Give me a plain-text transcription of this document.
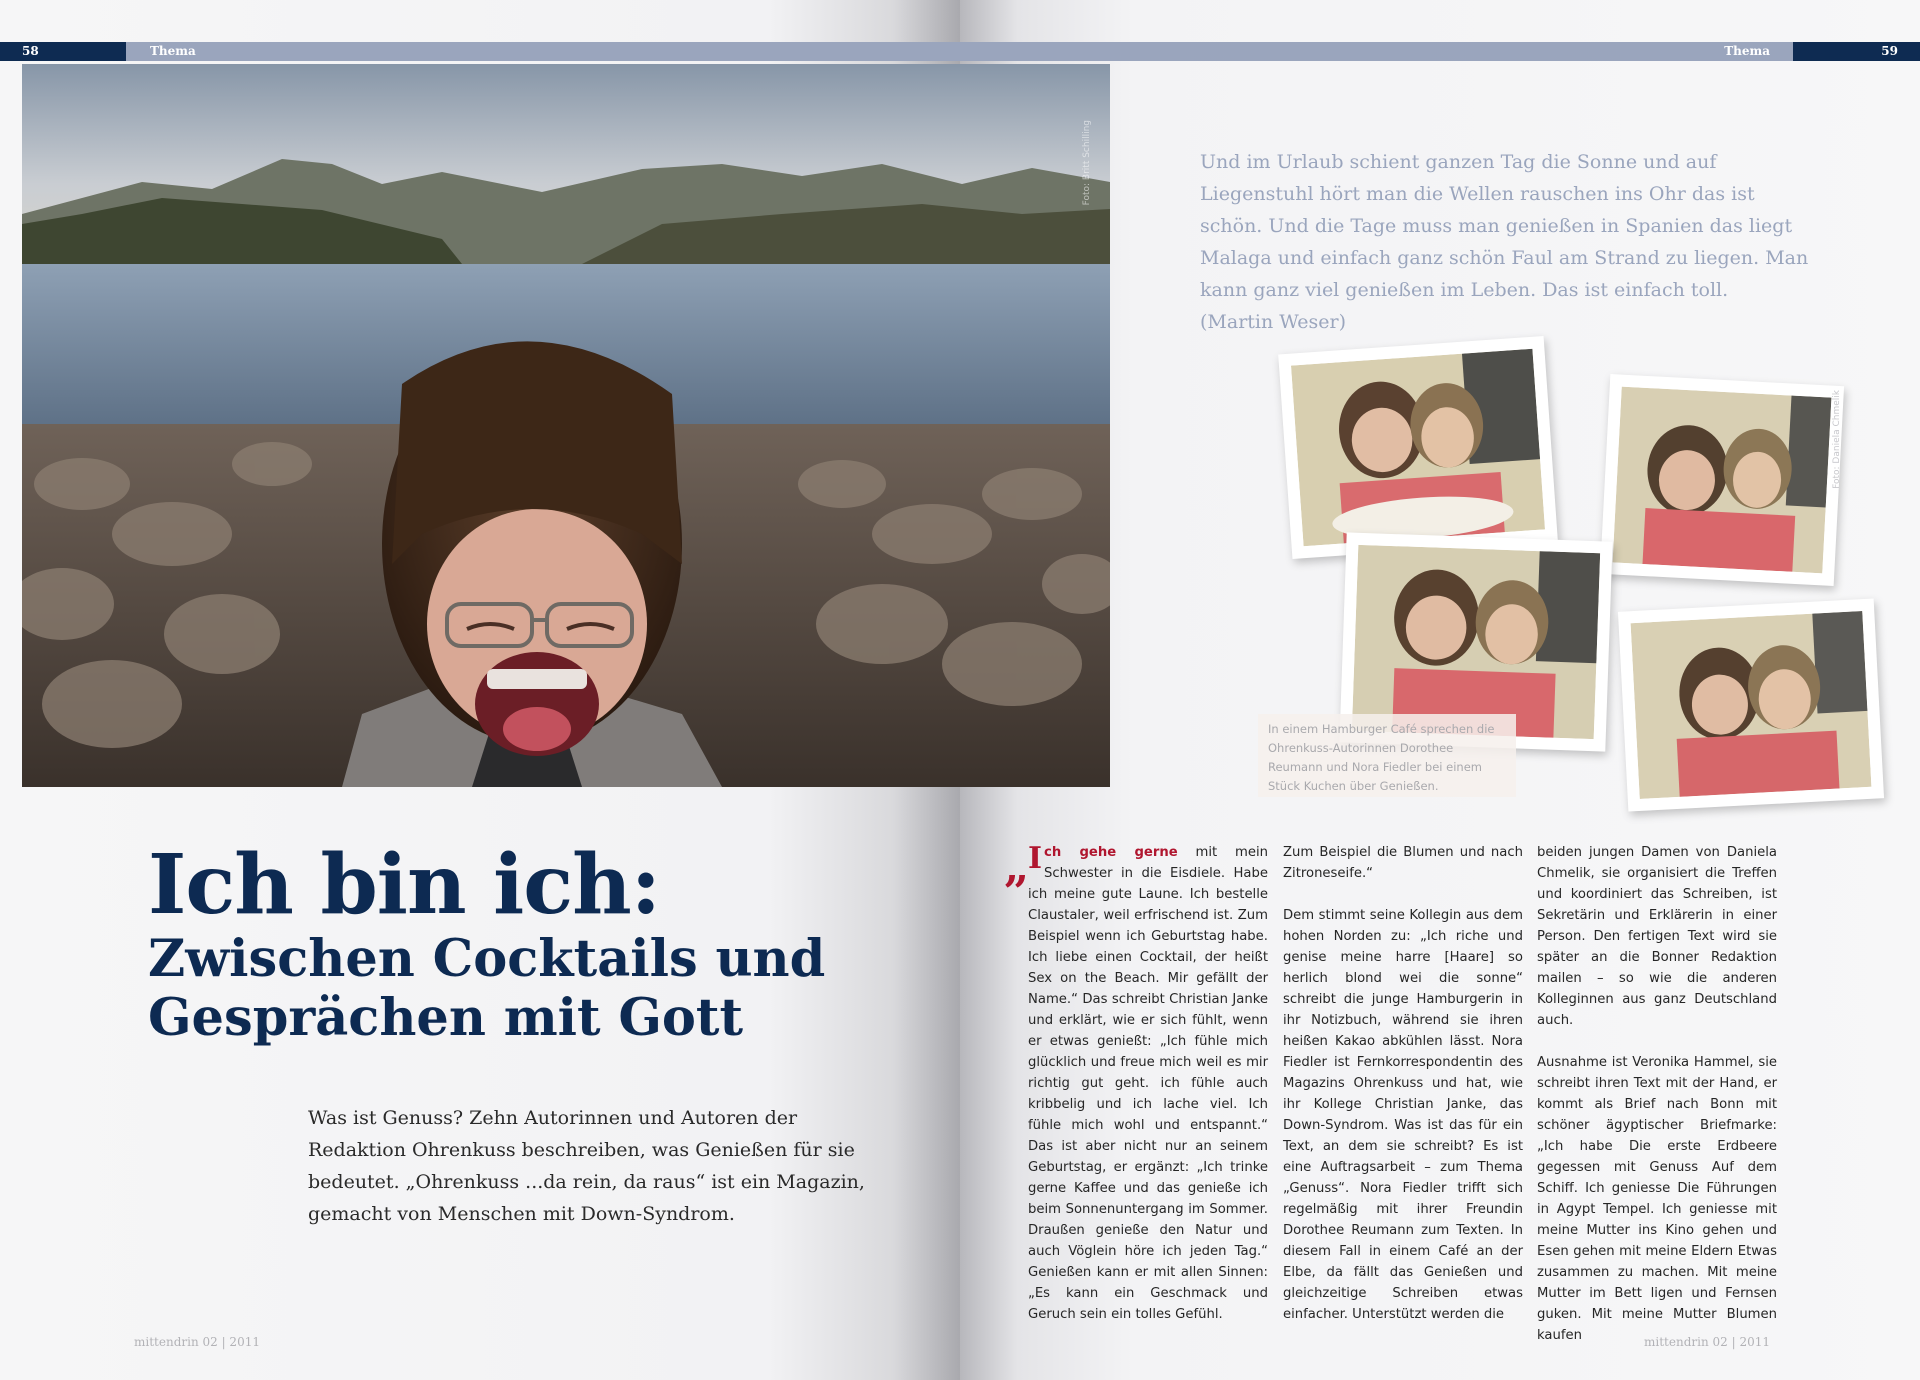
58	Thema	Thema	59
Foto: Britt Schilling
Ich bin ich:
Zwischen Cocktails und
Gesprächen mit Gott
Was ist Genuss? Zehn Autorinnen und Autoren der Redaktion Ohrenkuss beschreiben, was Genießen für sie bedeutet. „Ohrenkuss ...da rein, da raus“ ist ein Magazin, gemacht von Menschen mit Down-Syndrom.
Und im Urlaub schient ganzen Tag die Sonne und auf Liegenstuhl hört man die Wellen rauschen ins Ohr das ist schön. Und die Tage muss man genießen in Spanien das liegt Malaga und einfach ganz schön Faul am Strand zu liegen. Man kann ganz viel genießen im Leben. Das ist einfach toll.
(Martin Weser)
Foto: Daniela Chmelik
In einem Hamburger Café sprechen die Ohrenkuss-Autorinnen Dorothee Reumann und Nora Fiedler bei einem Stück Kuchen über Genießen.
„

Ich gehe gerne mit mein Schwester in die Eisdiele. Habe ich meine gute Laune. Ich bestelle Claustaler, weil erfrischend ist. Zum Beispiel wenn ich Geburtstag habe. Ich liebe einen Cocktail, der heißt Sex on the Beach. Mir gefällt der Name.“ Das schreibt Christian Janke und erklärt, wie er sich fühlt, wenn er etwas genießt: „Ich fühle mich glücklich und freue mich weil es mir richtig gut geht. ich fühle auch kribbelig und ich lache viel. Ich fühle mich wohl und entspannt.“ Das ist aber nicht nur an seinem Geburtstag, er ergänzt: „Ich trinke gerne Kaffee und das genieße ich beim Sonnenuntergang im Sommer. Draußen genieße den Natur und auch Vöglein höre ich jeden Tag.“ Genießen kann er mit allen Sinnen: „Es kann ein Geschmack und Geruch sein ein tolles Gefühl.

Zum Beispiel die Blumen und nach Zitroneseife.“

Dem stimmt seine Kollegin aus dem hohen Norden zu: „Ich riche und genise meine harre [Haare] so herlich blond wei die sonne“ schreibt die junge Hamburgerin in ihr Notizbuch, während sie ihren heißen Kakao abkühlen lässt. Nora Fiedler ist Fernkorrespondentin des Magazins Ohrenkuss und hat, wie ihr Kollege Christian Janke, das Down-Syndrom. Was ist das für ein Text, an dem sie schreibt? Es ist eine Auftragsarbeit – zum Thema „Genuss“. Nora Fiedler trifft sich regelmäßig mit ihrer Freundin Dorothee Reumann zum Texten. In diesem Fall in einem Café an der Elbe, da fällt das Genießen und gleichzeitige Schreiben etwas einfacher. Unterstützt werden die

beiden jungen Damen von Daniela Chmelik, sie organisiert die Treffen und koordiniert das Schreiben, ist Sekretärin und Erklärerin in einer Person. Den fertigen Text wird sie später an die Bonner Redaktion mailen – so wie die anderen Kolleginnen aus ganz Deutschland auch.

Ausnahme ist Veronika Hammel, sie schreibt ihren Text mit der Hand, er kommt als Brief nach Bonn mit schöner ägyptischer Briefmarke: „Ich habe Die erste Erdbeere gegessen mit Genuss Auf dem Schiff. Ich geniesse Die Führungen in Agypt Tempel. Ich geniesse mit meine Mutter ins Kino gehen und Esen gehen mit meine Eldern Etwas zusammen zu machen. Mit meine Mutter im Bett ligen und Fernsen guken. Mit meine Mutter Blumen kaufen

mittendrin 02 | 2011	mittendrin 02 | 2011
